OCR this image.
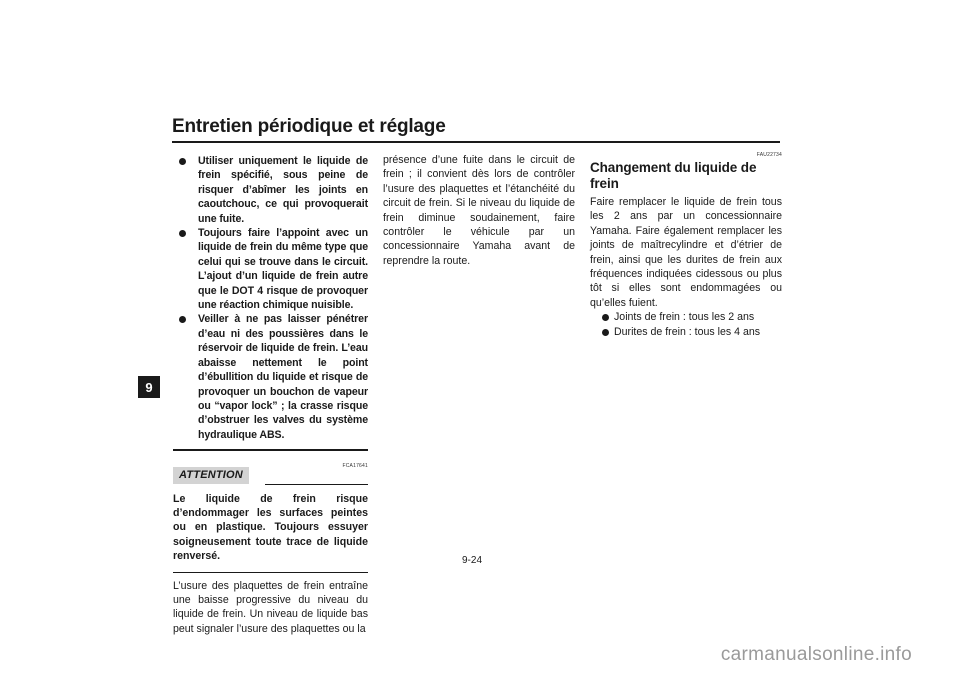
Entretien périodique et réglage
9
Utiliser uniquement le liquide de frein spécifié, sous peine de risquer d’abîmer les joints en caoutchouc, ce qui provoquerait une fuite.
Toujours faire l’appoint avec un liquide de frein du même type que celui qui se trouve dans le circuit. L’ajout d’un liquide de frein autre que le DOT 4 risque de provoquer une réaction chimique nuisible.
Veiller à ne pas laisser pénétrer d’eau ni des poussières dans le réservoir de liquide de frein. L’eau abaisse nettement le point d’ébullition du liquide et risque de provoquer un bouchon de vapeur ou “vapor lock” ; la crasse risque d’obstruer les valves du système hydraulique ABS.
ATTENTION
FCA17641
Le liquide de frein risque d’endommager les surfaces peintes ou en plastique. Toujours essuyer soigneusement toute trace de liquide renversé.
L’usure des plaquettes de frein entraîne une baisse progressive du niveau du liquide de frein. Un niveau de liquide bas peut signaler l’usure des plaquettes ou la
présence d’une fuite dans le circuit de frein ; il convient dès lors de contrôler l’usure des plaquettes et l’étanchéité du circuit de frein. Si le niveau du liquide de frein diminue soudainement, faire contrôler le véhicule par un concessionnaire Yamaha avant de reprendre la route.
FAU22734
Changement du liquide de frein
Faire remplacer le liquide de frein tous les 2 ans par un concessionnaire Yamaha. Faire également remplacer les joints de maîtrecylindre et d’étrier de frein, ainsi que les durites de frein aux fréquences indiquées cidessous ou plus tôt si elles sont endommagées ou qu’elles fuient.
Joints de frein : tous les 2 ans
Durites de frein : tous les 4 ans
9-24
carmanualsonline.info
